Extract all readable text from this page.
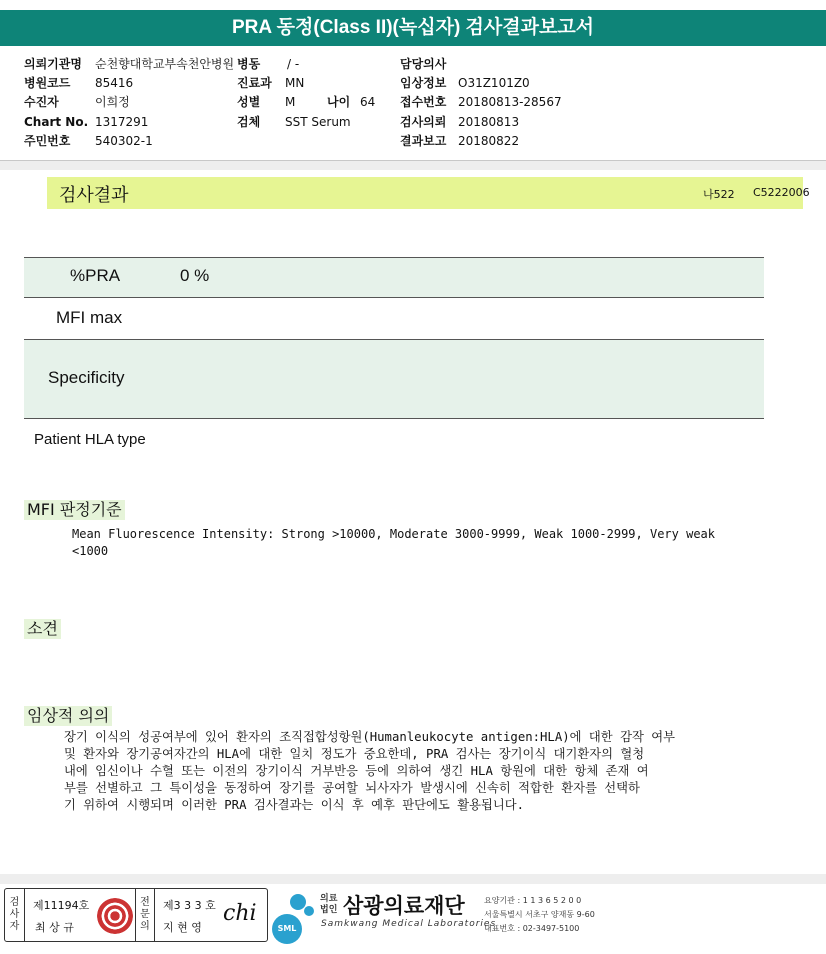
PRA 동정(Class II)(녹십자) 검사결과보고서
의뢰기관명 순천향대학교부속천안병원 병동 / -	담당의사
병원코드 85416	진료과 MN	임상정보 O31Z101Z0
수진자	이희정	성별 M	나이 64 접수번호 20180813-28567
Chart No. 1317291	검체 SST Serum	검사의뢰 20180813
주민번호 540302-1	결과보고 20180822
검사결과	나522 C5222006
%PRA	0 %
MFI max
Specificity
Patient HLA type
MFI 판정기준
Mean Fluorescence Intensity: Strong >10000, Moderate 3000-9999, Weak 1000-2999, Very weak
<1000
소견
임상적 의의
장기 이식의 성공여부에 있어 환자의 조직접합성항원(Humanleukocyte antigen:HLA)에 대한 감작 여부
및 환자와 장기공여자간의 HLA에 대한 일치 정도가 중요한데, PRA 검사는 장기이식 대기환자의 혈청
내에 임신이나 수혈 또는 이전의 장기이식 거부반응 등에 의하여 생긴 HLA 항원에 대한 항체 존재 여
부를 선별하고 그 특이성을 동정하여 장기를 공여할 뇌사자가 발생시에 신속히 적합한 환자를 선택하
기 위하여 시행되며 이러한 PRA 검사결과는 이식 후 예후 판단에도 활용됩니다.
검
사
자
제11194호
최 상 규
전
문
의
제3 3 3 호
지 현 영
chi
SML
의료
법인 삼광의료재단
Samkwang Medical Laboratories
요양기관 : 1 1 3 6 5 2 0 0
서울특별시 서초구 양재동 9-60
대표번호 : 02-3497-5100
